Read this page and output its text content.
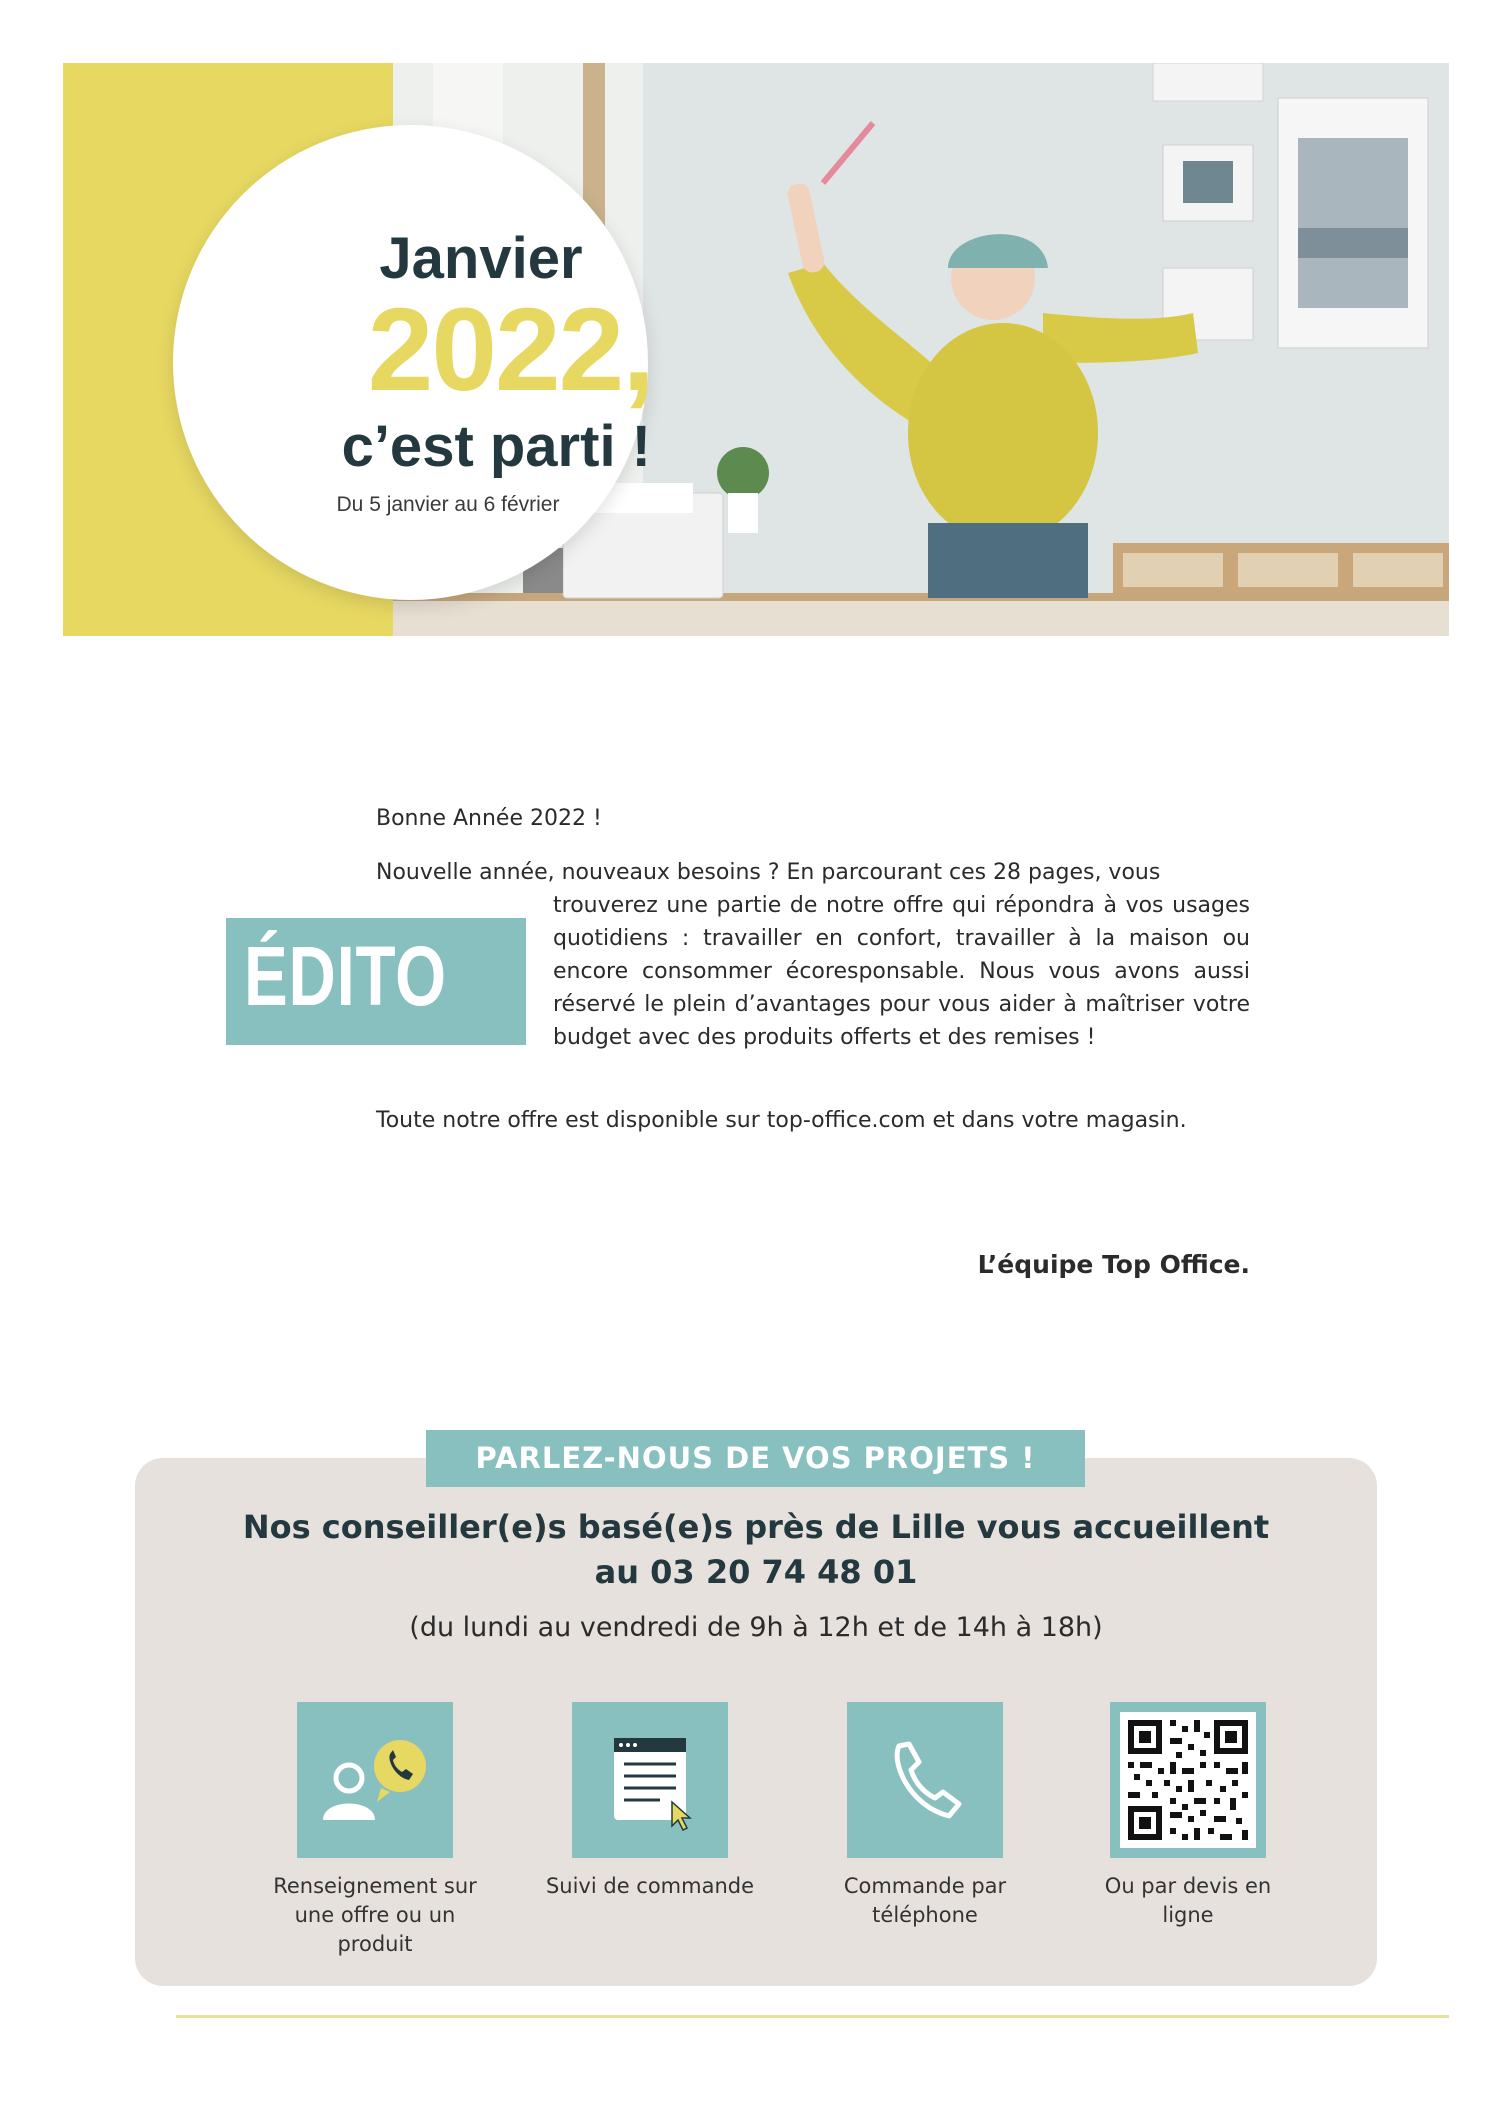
Janvier
2022,
c’est parti !
Du 5 janvier au 6 février
ÉDITO
Bonne Année 2022 !
Nouvelle année, nouveaux besoins ? En parcourant ces 28 pages, vous
trouverez une partie de notre offre qui répondra à vos usages quotidiens : travailler en confort, travailler à la maison ou encore consommer écoresponsable. Nous vous avons aussi réservé le plein d’avantages pour vous aider à maîtriser votre budget avec des produits offerts et des remises !
Toute notre offre est disponible sur top-office.com et dans votre magasin.
L’équipe Top Office.
PARLEZ-NOUS DE VOS PROJETS !
Nos conseiller(e)s basé(e)s près de Lille vous accueillent
au 03 20 74 48 01
(du lundi au vendredi de 9h à 12h et de 14h à 18h)
Renseignement sur une offre ou un produit
Suivi de commande	Commande par téléphone
Ou par devis en ligne
